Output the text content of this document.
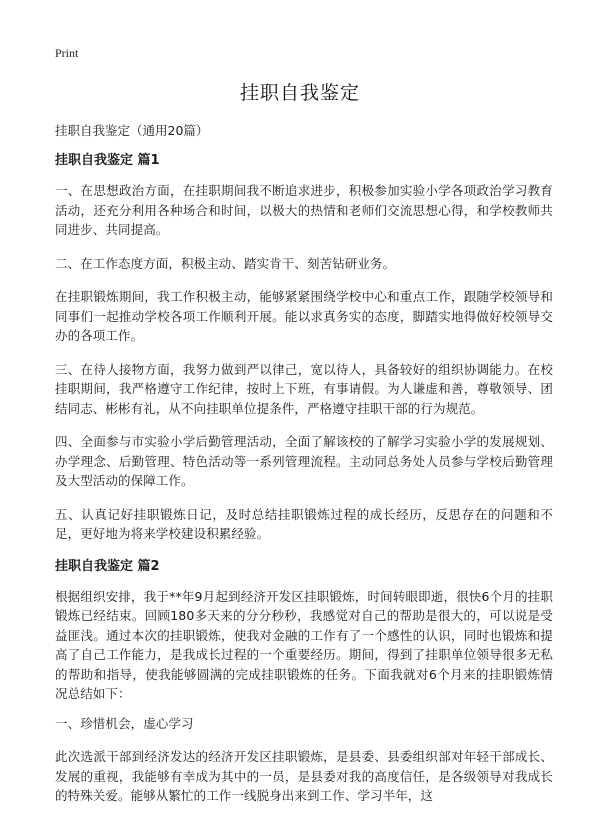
Print
挂职自我鉴定

挂职自我鉴定（通用20篇）

挂职自我鉴定 篇1

一、在思想政治方面，在挂职期间我不断追求进步，积极参加实验小学各项政治学习教育活动，还充分利用各种场合和时间，以极大的热情和老师们交流思想心得，和学校教师共同进步、共同提高。

二、在工作态度方面，积极主动、踏实肯干、刻苦钻研业务。

在挂职锻炼期间，我工作积极主动，能够紧紧围绕学校中心和重点工作，跟随学校领导和同事们一起推动学校各项工作顺利开展。能以求真务实的态度，脚踏实地得做好校领导交办的各项工作。

三、在待人接物方面，我努力做到严以律己，宽以待人，具备较好的组织协调能力。在校挂职期间，我严格遵守工作纪律，按时上下班，有事请假。为人谦虚和善，尊敬领导、团结同志、彬彬有礼，从不向挂职单位提条件，严格遵守挂职干部的行为规范。

四、全面参与市实验小学后勤管理活动，全面了解该校的了解学习实验小学的发展规划、办学理念、后勤管理、特色活动等一系列管理流程。主动同总务处人员参与学校后勤管理及大型活动的保障工作。

五、认真记好挂职锻炼日记，及时总结挂职锻炼过程的成长经历，反思存在的问题和不足，更好地为将来学校建设积累经验。

挂职自我鉴定 篇2

根据组织安排，我于**年9月起到经济开发区挂职锻炼，时间转眼即逝，很快6个月的挂职锻炼已经结束。回顾180多天来的分分秒秒，我感觉对自己的帮助是很大的，可以说是受益匪浅。通过本次的挂职锻炼，使我对金融的工作有了一个感性的认识，同时也锻炼和提高了自己工作能力，是我成长过程的一个重要经历。期间，得到了挂职单位领导很多无私的帮助和指导，使我能够圆满的完成挂职锻炼的任务。下面我就对6个月来的挂职锻炼情况总结如下：

一、珍惜机会，虚心学习

此次选派干部到经济发达的经济开发区挂职锻炼，是县委、县委组织部对年轻干部成长、发展的重视，我能够有幸成为其中的一员，是县委对我的高度信任，是各级领导对我成长的特殊关爱。能够从繁忙的工作一线脱身出来到工作、学习半年，这
